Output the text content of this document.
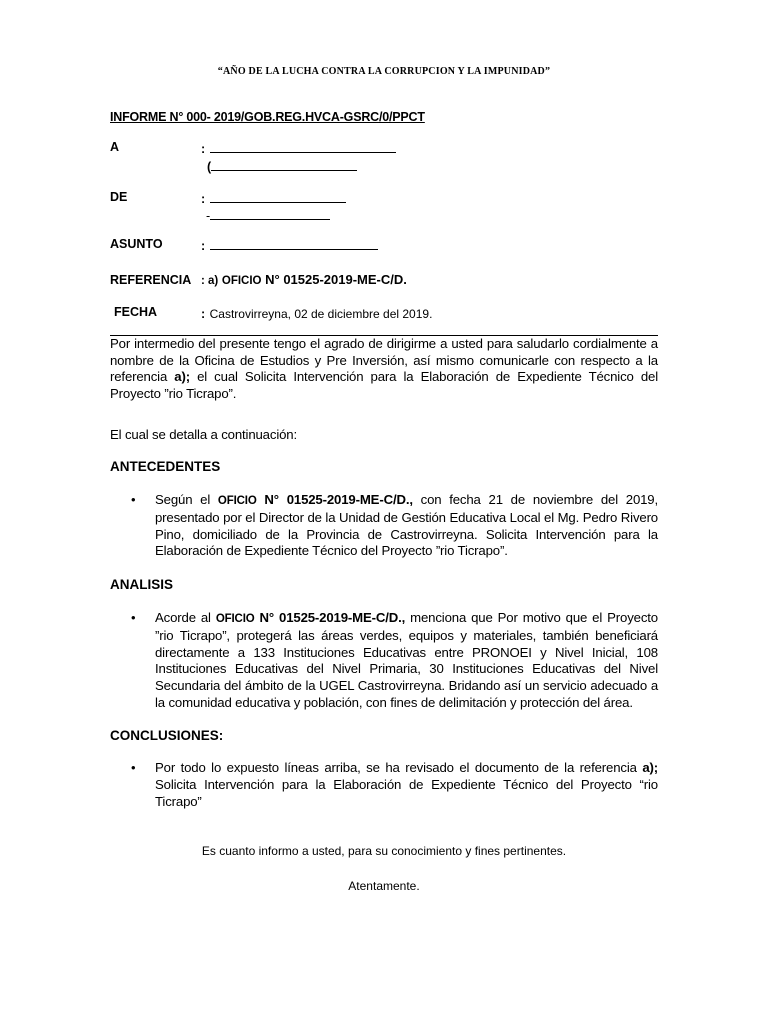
“AÑO DE LA LUCHA CONTRA LA CORRUPCION Y LA IMPUNIDAD”
INFORME N° 000- 2019/GOB.REG.HVCA-GSRC/0/PPCT
A	:
(
DE	:
-
ASUNTO	:
REFERENCIA : a) OFICIO N° 01525-2019-ME-C/D.
FECHA	: Castrovirreyna, 02 de diciembre del 2019.
Por intermedio del presente tengo el agrado de dirigirme a usted para saludarlo cordialmente a nombre de la Oficina de Estudios y Pre Inversión, así mismo comunicarle con respecto a la referencia a); el cual Solicita Intervención para la Elaboración de Expediente Técnico del Proyecto ”rio Ticrapo”.
El cual se detalla a continuación:
ANTECEDENTES
• Según el OFICIO N° 01525-2019-ME-C/D., con fecha 21 de noviembre del 2019, presentado por el Director de la Unidad de Gestión Educativa Local el Mg. Pedro Rivero Pino, domiciliado de la Provincia de Castrovirreyna. Solicita Intervención para la Elaboración de Expediente Técnico del Proyecto ”rio Ticrapo”.
ANALISIS
• Acorde al OFICIO N° 01525-2019-ME-C/D., menciona que Por motivo que el Proyecto ”rio Ticrapo”, protegerá las áreas verdes, equipos y materiales, también beneficiará directamente a 133 Instituciones Educativas entre PRONOEI y Nivel Inicial, 108 Instituciones Educativas del Nivel Primaria, 30 Instituciones Educativas del Nivel Secundaria del ámbito de la UGEL Castrovirreyna. Bridando así un servicio adecuado a la comunidad educativa y población, con fines de delimitación y protección del área.
CONCLUSIONES:
• Por todo lo expuesto líneas arriba, se ha revisado el documento de la referencia a); Solicita Intervención para la Elaboración de Expediente Técnico del Proyecto “rio Ticrapo”
Es cuanto informo a usted, para su conocimiento y fines pertinentes.
Atentamente.
